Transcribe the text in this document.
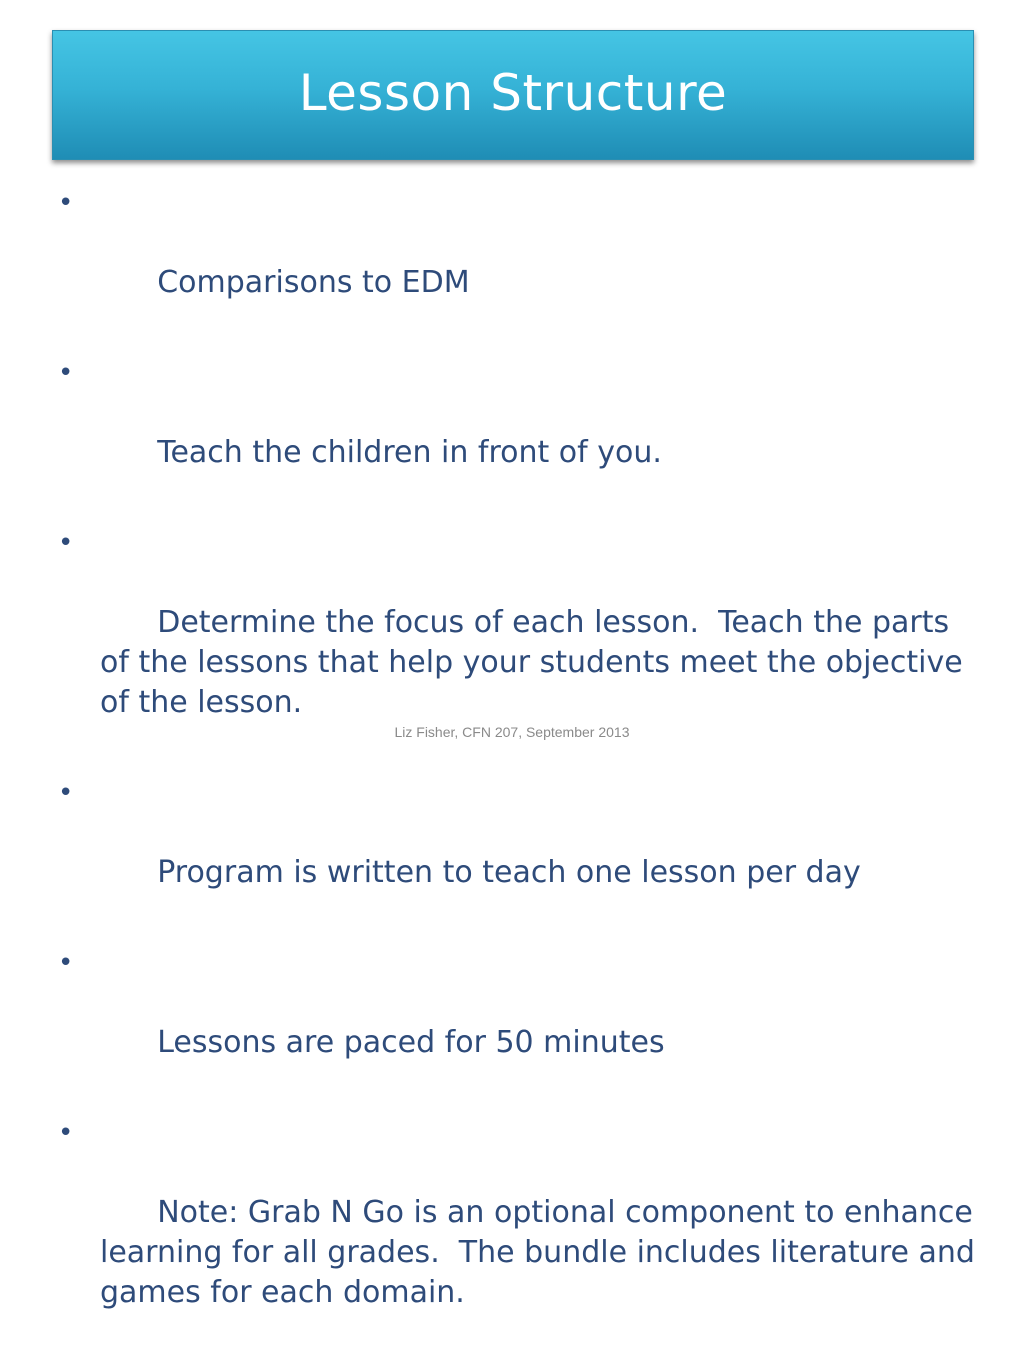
Lesson Structure

•

Comparisons to EDM

•

Teach the children in front of you.

•

Determine the focus of each lesson.  Teach the parts of the lessons that help your students meet the objective of the lesson.

•

Program is written to teach one lesson per day

•

Lessons are paced for 50 minutes

•

Note: Grab N Go is an optional component to enhance learning for all grades.  The bundle includes literature and games for each domain.

Liz Fisher, CFN 207, September 2013
